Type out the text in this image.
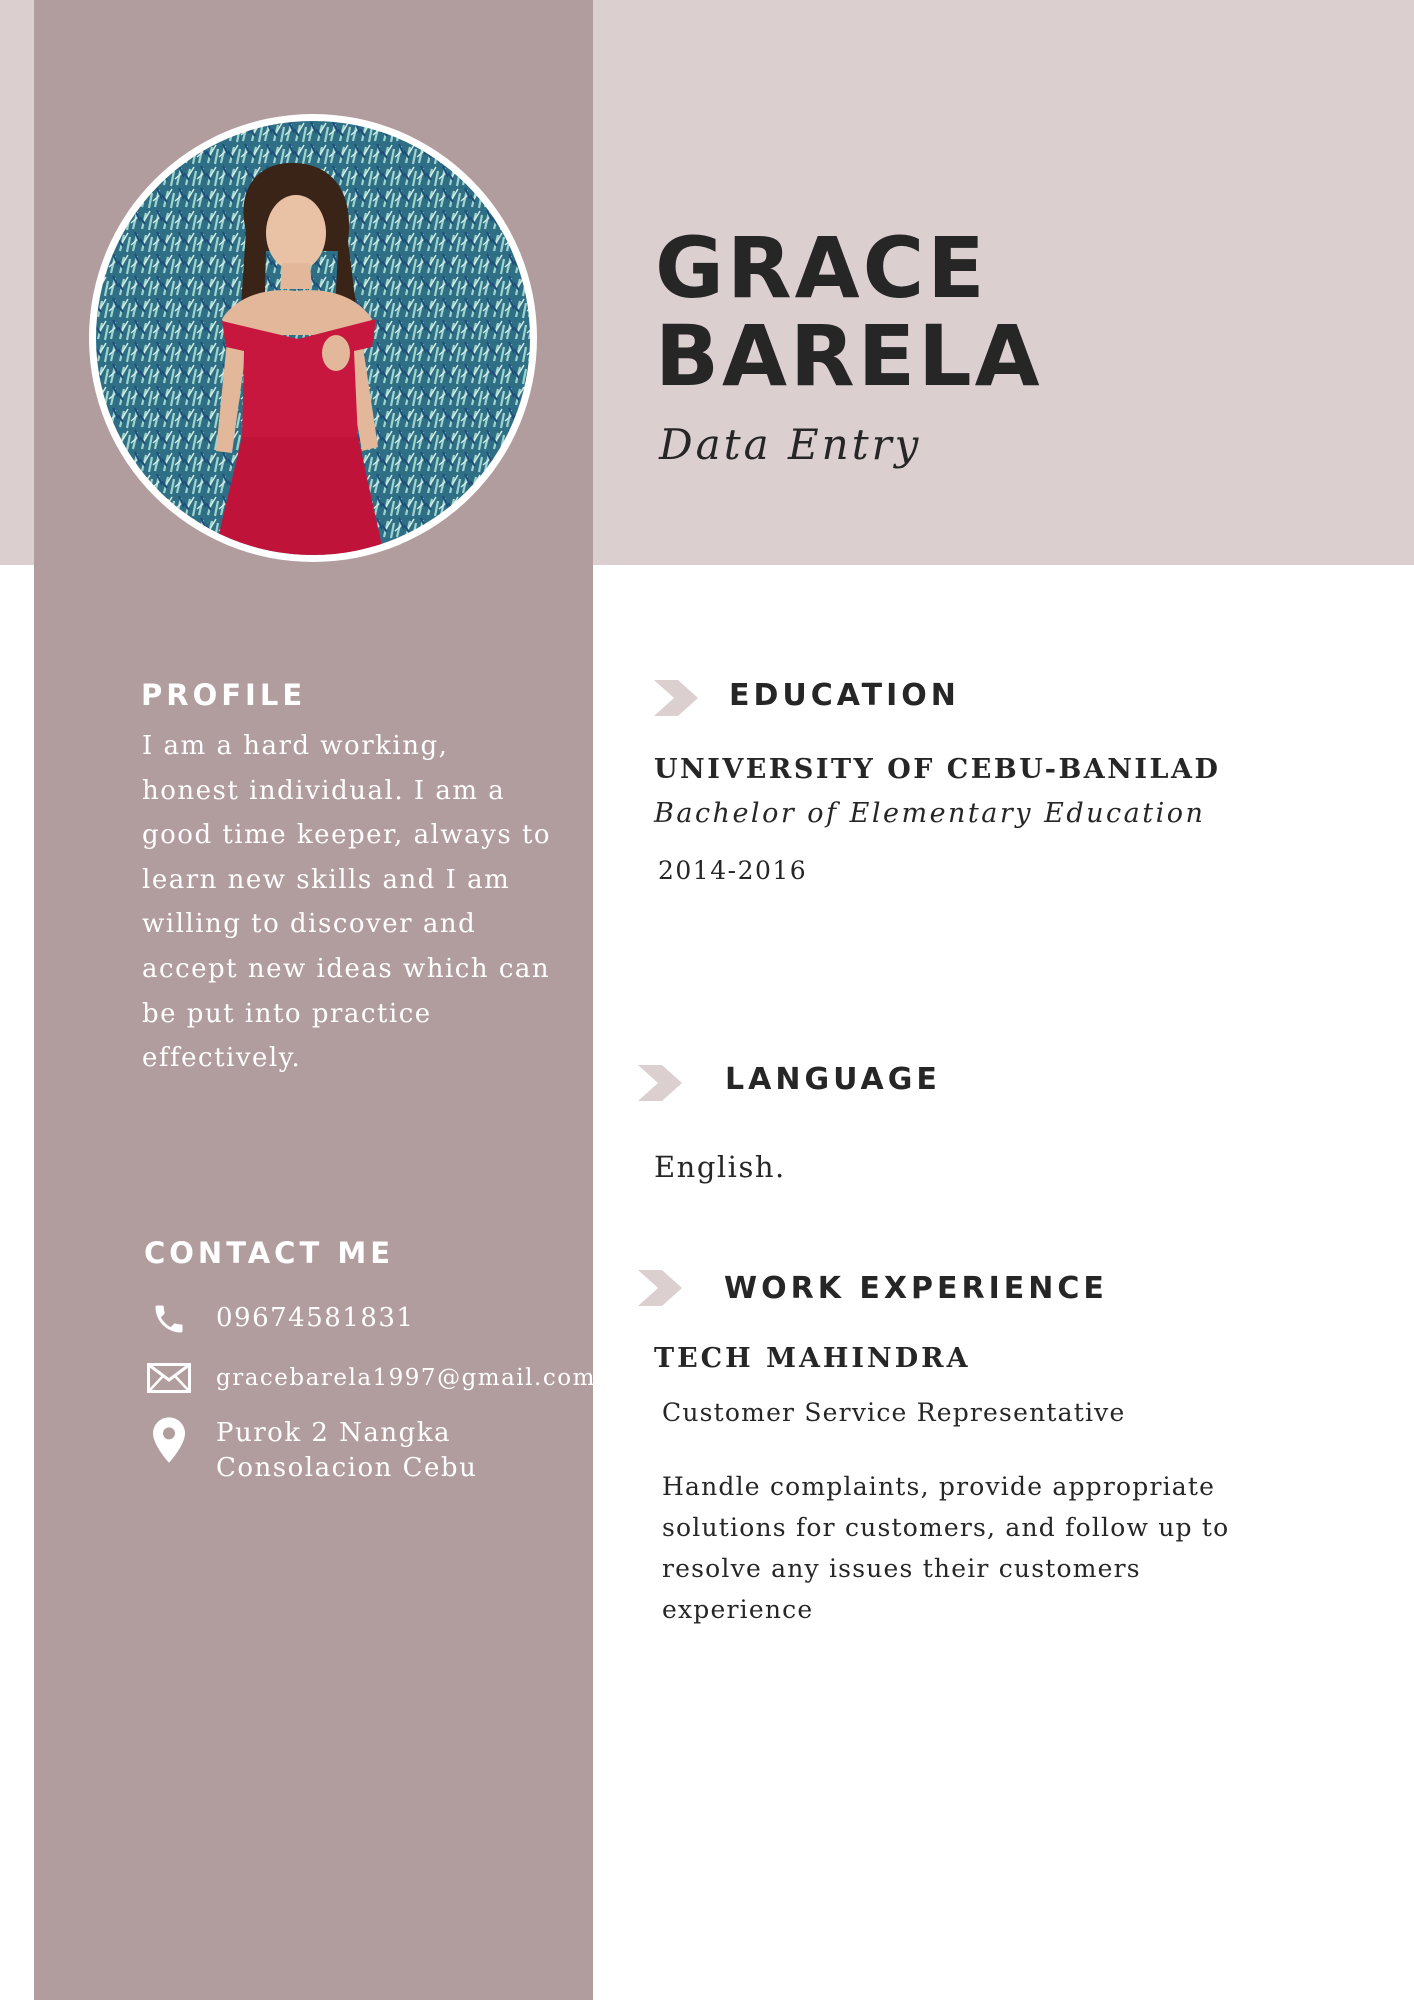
GRACE
BARELA
Data Entry
PROFILE
I am a hard working, honest individual. I am a good time keeper, always to learn new skills and I am willing to discover and accept new ideas which can be put into practice effectively.
CONTACT ME
09674581831
gracebarela1997@gmail.com
Purok 2 Nangka
Consolacion Cebu
EDUCATION
UNIVERSITY OF CEBU-BANILAD
Bachelor of Elementary Education
2014-2016
LANGUAGE
English.
WORK EXPERIENCE
TECH MAHINDRA
Customer Service Representative
Handle complaints, provide appropriate solutions for customers, and follow up to resolve any issues their customers experience
